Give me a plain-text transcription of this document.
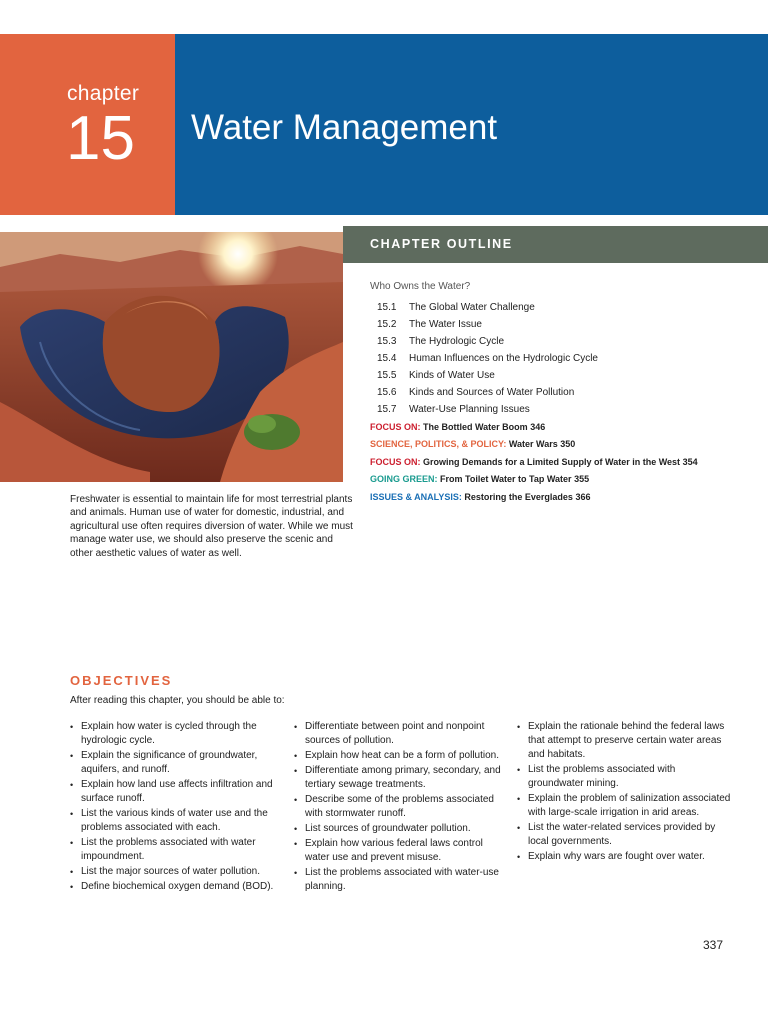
chapter
15 Water Management
CHAPTER OUTLINE
Who Owns the Water?
15.1 The Global Water Challenge
15.2 The Water Issue
15.3 The Hydrologic Cycle
15.4 Human Influences on the Hydrologic Cycle
15.5 Kinds of Water Use
15.6 Kinds and Sources of Water Pollution
15.7 Water-Use Planning Issues
FOCUS ON: The Bottled Water Boom 346
SCIENCE, POLITICS, & POLICY: Water Wars 350
FOCUS ON: Growing Demands for a Limited Supply of Water in the West 354
GOING GREEN: From Toilet Water to Tap Water 355
ISSUES & ANALYSIS: Restoring the Everglades 366
Freshwater is essential to maintain life for most terrestrial plants and animals. Human use of water for domestic, industrial, and agricultural use often requires diversion of water. While we must manage water use, we should also preserve the scenic and other aesthetic values of water as well.
OBJECTIVES
After reading this chapter, you should be able to:
• Explain how water is cycled through the hydrologic cycle.
• Explain the significance of groundwater, aquifers, and runoff.
• Explain how land use affects infiltration and surface runoff.
• List the various kinds of water use and the problems associated with each.
• List the problems associated with water impoundment.
• List the major sources of water pollution.
• Define biochemical oxygen demand (BOD).
• Differentiate between point and nonpoint sources of pollution.
• Explain how heat can be a form of pollution.
• Differentiate among primary, secondary, and tertiary sewage treatments.
• Describe some of the problems associated with stormwater runoff.
• List sources of groundwater pollution.
• Explain how various federal laws control water use and prevent misuse.
• List the problems associated with water-use planning.
• Explain the rationale behind the federal laws that attempt to preserve certain water areas and habitats.
• List the problems associated with groundwater mining.
• Explain the problem of salinization associated with large-scale irrigation in arid areas.
• List the water-related services provided by local governments.
• Explain why wars are fought over water.
337
